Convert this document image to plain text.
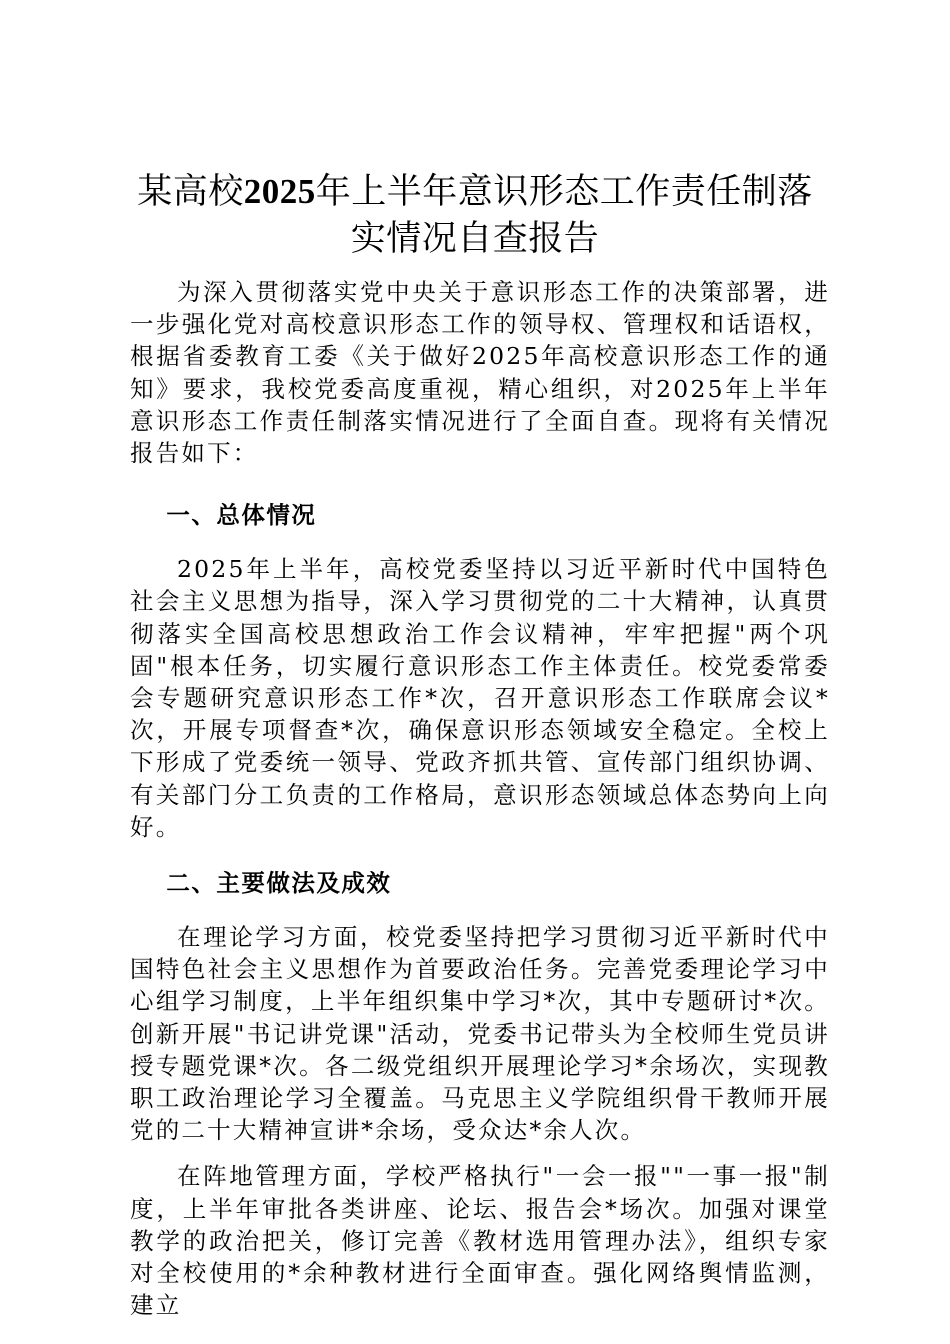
某高校2025年上半年意识形态工作责任制落实情况自查报告

为深入贯彻落实党中央关于意识形态工作的决策部署，进一步强化党对高校意识形态工作的领导权、管理权和话语权，根据省委教育工委《关于做好2025年高校意识形态工作的通知》要求，我校党委高度重视，精心组织，对2025年上半年意识形态工作责任制落实情况进行了全面自查。现将有关情况报告如下：

一、总体情况

2025年上半年，高校党委坚持以习近平新时代中国特色社会主义思想为指导，深入学习贯彻党的二十大精神，认真贯彻落实全国高校思想政治工作会议精神，牢牢把握"两个巩固"根本任务，切实履行意识形态工作主体责任。校党委常委会专题研究意识形态工作*次，召开意识形态工作联席会议*次，开展专项督查*次，确保意识形态领域安全稳定。全校上下形成了党委统一领导、党政齐抓共管、宣传部门组织协调、有关部门分工负责的工作格局，意识形态领域总体态势向上向好。

二、主要做法及成效

在理论学习方面，校党委坚持把学习贯彻习近平新时代中国特色社会主义思想作为首要政治任务。完善党委理论学习中心组学习制度，上半年组织集中学习*次，其中专题研讨*次。创新开展"书记讲党课"活动，党委书记带头为全校师生党员讲授专题党课*次。各二级党组织开展理论学习*余场次，实现教职工政治理论学习全覆盖。马克思主义学院组织骨干教师开展党的二十大精神宣讲*余场，受众达*余人次。

在阵地管理方面，学校严格执行"一会一报""一事一报"制度，上半年审批各类讲座、论坛、报告会*场次。加强对课堂教学的政治把关，修订完善《教材选用管理办法》，组织专家对全校使用的*余种教材进行全面审查。强化网络舆情监测，建立
